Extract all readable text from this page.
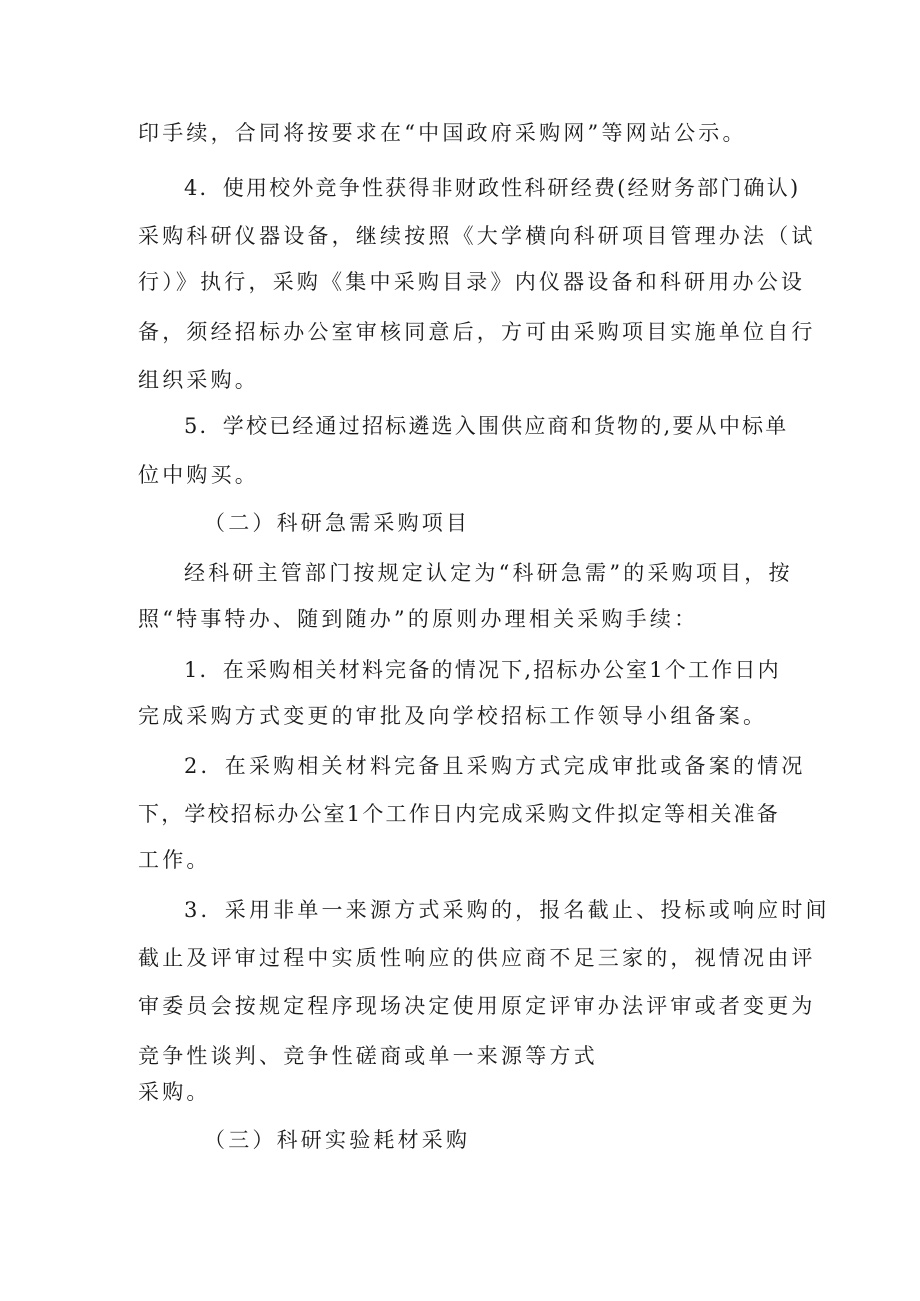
印手续，合同将按要求在“中国政府采购网”等网站公示。
4．使用校外竞争性获得非财政性科研经费(经财务部门确认)
采购科研仪器设备，继续按照《大学横向科研项目管理办法（试
行）》执行，采购《集中采购目录》内仪器设备和科研用办公设
备，须经招标办公室审核同意后，方可由采购项目实施单位自行
组织采购。
5．学校已经通过招标遴选入围供应商和货物的,要从中标单
位中购买。
（二）科研急需采购项目
经科研主管部门按规定认定为“科研急需”的采购项目，按
照“特事特办、随到随办”的原则办理相关采购手续：
1．在采购相关材料完备的情况下,招标办公室1个工作日内
完成采购方式变更的审批及向学校招标工作领导小组备案。
2．在采购相关材料完备且采购方式完成审批或备案的情况
下，学校招标办公室1个工作日内完成采购文件拟定等相关准备
工作。
3．采用非单一来源方式采购的，报名截止、投标或响应时间
截止及评审过程中实质性响应的供应商不足三家的，视情况由评
审委员会按规定程序现场决定使用原定评审办法评审或者变更为
竞争性谈判、竞争性磋商或单一来源等方式
采购。
（三）科研实验耗材采购
